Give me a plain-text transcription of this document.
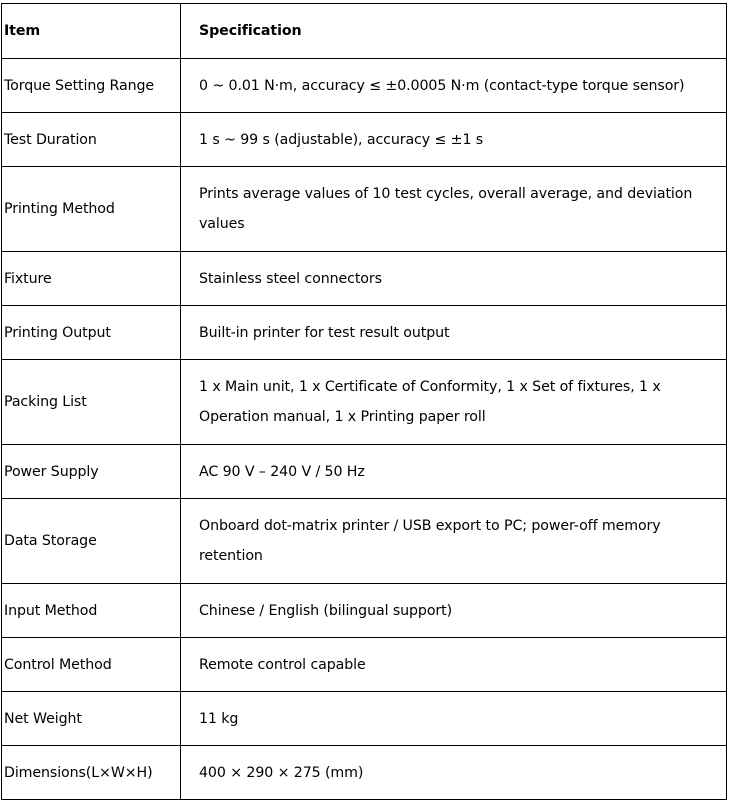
Item	Specification
Torque Setting Range	0 ~ 0.01 N·m, accuracy ≤ ±0.0005 N·m (contact-type torque sensor)
Test Duration	1 s ~ 99 s (adjustable), accuracy ≤ ±1 s
Printing Method	Prints average values of 10 test cycles, overall average, and deviation values
Fixture	Stainless steel connectors
Printing Output	Built-in printer for test result output
Packing List	1 x Main unit, 1 x Certificate of Conformity, 1 x Set of fixtures, 1 x Operation manual, 1 x Printing paper roll
Power Supply	AC 90 V – 240 V / 50 Hz
Data Storage	Onboard dot-matrix printer / USB export to PC; power-off memory retention
Input Method	Chinese / English (bilingual support)
Control Method	Remote control capable
Net Weight	11 kg
Dimensions(L×W×H)	400 × 290 × 275 (mm)
